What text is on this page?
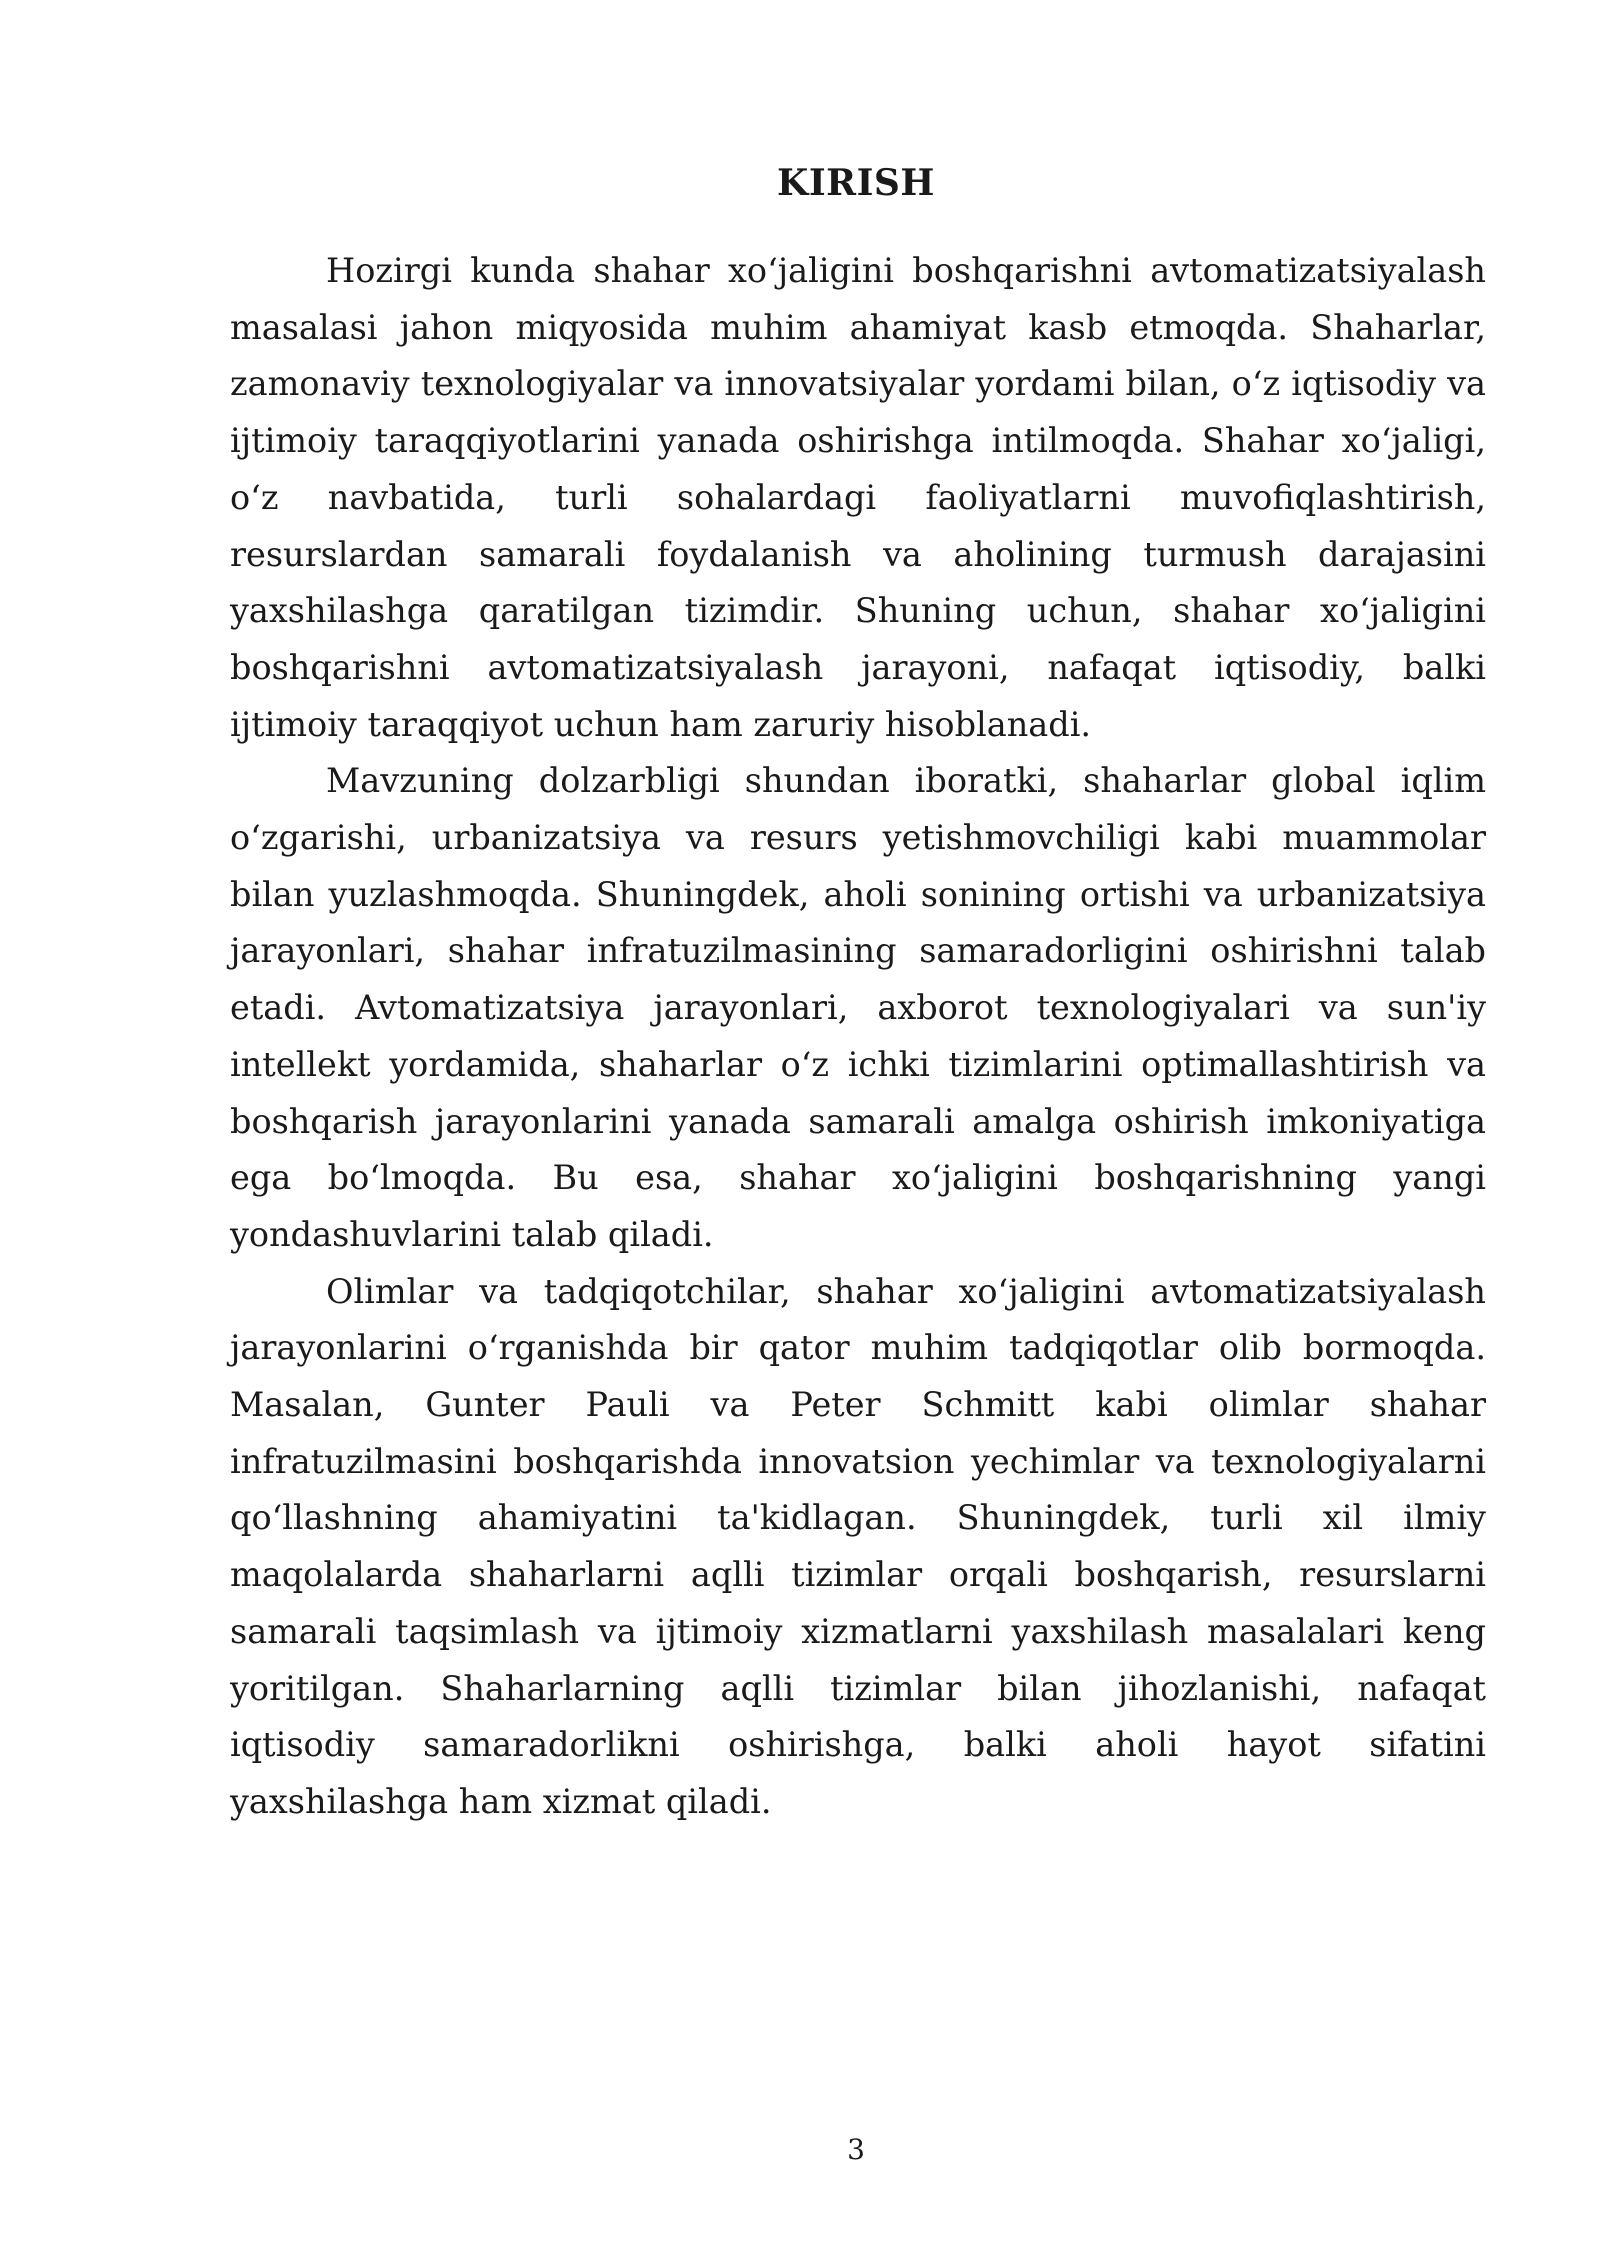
KIRISH

Hozirgi kunda shahar xoʻjaligini boshqarishni avtomatizatsiyalash masalasi jahon miqyosida muhim ahamiyat kasb etmoqda. Shaharlar, zamonaviy texnologiyalar va innovatsiyalar yordami bilan, oʻz iqtisodiy va ijtimoiy taraqqiyotlarini yanada oshirishga intilmoqda. Shahar xoʻjaligi, oʻz navbatida, turli sohalardagi faoliyatlarni muvofiqlashtirish, resurslardan samarali foydalanish va aholining turmush darajasini yaxshilashga qaratilgan tizimdir. Shuning uchun, shahar xoʻjaligini boshqarishni avtomatizatsiyalash jarayoni, nafaqat iqtisodiy, balki ijtimoiy taraqqiyot uchun ham zaruriy hisoblanadi.

Mavzuning dolzarbligi shundan iboratki, shaharlar global iqlim oʻzgarishi, urbanizatsiya va resurs yetishmovchiligi kabi muammolar bilan yuzlashmoqda. Shuningdek, aholi sonining ortishi va urbanizatsiya jarayonlari, shahar infratuzilmasining samaradorligini oshirishni talab etadi. Avtomatizatsiya jarayonlari, axborot texnologiyalari va sun'iy intellekt yordamida, shaharlar oʻz ichki tizimlarini optimallashtirish va boshqarish jarayonlarini yanada samarali amalga oshirish imkoniyatiga ega boʻlmoqda. Bu esa, shahar xoʻjaligini boshqarishning yangi yondashuvlarini talab qiladi.

Olimlar va tadqiqotchilar, shahar xoʻjaligini avtomatizatsiyalash jarayonlarini oʻrganishda bir qator muhim tadqiqotlar olib bormoqda. Masalan, Gunter Pauli va Peter Schmitt kabi olimlar shahar infratuzilmasini boshqarishda innovatsion yechimlar va texnologiyalarni qoʻllashning ahamiyatini ta'kidlagan. Shuningdek, turli xil ilmiy maqolalarda shaharlarni aqlli tizimlar orqali boshqarish, resurslarni samarali taqsimlash va ijtimoiy xizmatlarni yaxshilash masalalari keng yoritilgan. Shaharlarning aqlli tizimlar bilan jihozlanishi, nafaqat iqtisodiy samaradorlikni oshirishga, balki aholi hayot sifatini yaxshilashga ham xizmat qiladi.

3
